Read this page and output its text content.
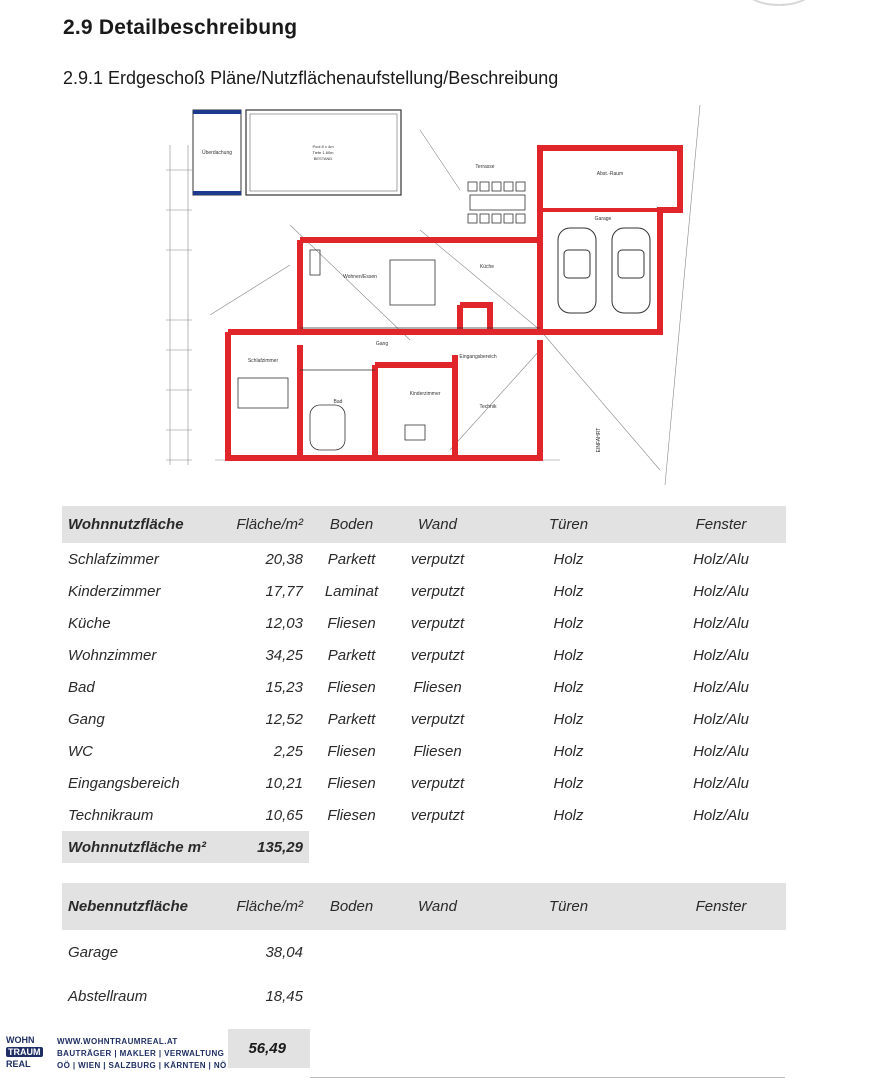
2.9 Detailbeschreibung
2.9.1 Erdgeschoß Pläne/Nutzflächenaufstellung/Beschreibung
Überdachung
Pool 8 x 4m
Tiefe 1.60m
BESTAND
Abst.-Raum
Garage
Terrasse
Wohnen/Essen
Küche
Schlafzimmer
Gang
Eingangsbereich
Bad
Kinderzimmer
Technik
EINFAHRT
Wohnnutzfläche	Fläche/m²	Boden	Wand	Türen	Fenster
Schlafzimmer	20,38	Parkett	verputzt	Holz	Holz/Alu
Kinderzimmer	17,77	Laminat	verputzt	Holz	Holz/Alu
Küche	12,03	Fliesen	verputzt	Holz	Holz/Alu
Wohnzimmer	34,25	Parkett	verputzt	Holz	Holz/Alu
Bad	15,23	Fliesen	Fliesen	Holz	Holz/Alu
Gang	12,52	Parkett	verputzt	Holz	Holz/Alu
WC	2,25	Fliesen	Fliesen	Holz	Holz/Alu
Eingangsbereich	10,21	Fliesen	verputzt	Holz	Holz/Alu
Technikraum	10,65	Fliesen	verputzt	Holz	Holz/Alu
Wohnnutzfläche m²	135,29				
Nebennutzfläche	Fläche/m²	Boden	Wand	Türen	Fenster
Garage	38,04				
Abstellraum	18,45				
56,49
WOHN
TRAUM
REAL
WWW.WOHNTRAUMREAL.AT
BAUTRÄGER | MAKLER | VERWALTUNG
OÖ | WIEN | SALZBURG | KÄRNTEN | NÖ
